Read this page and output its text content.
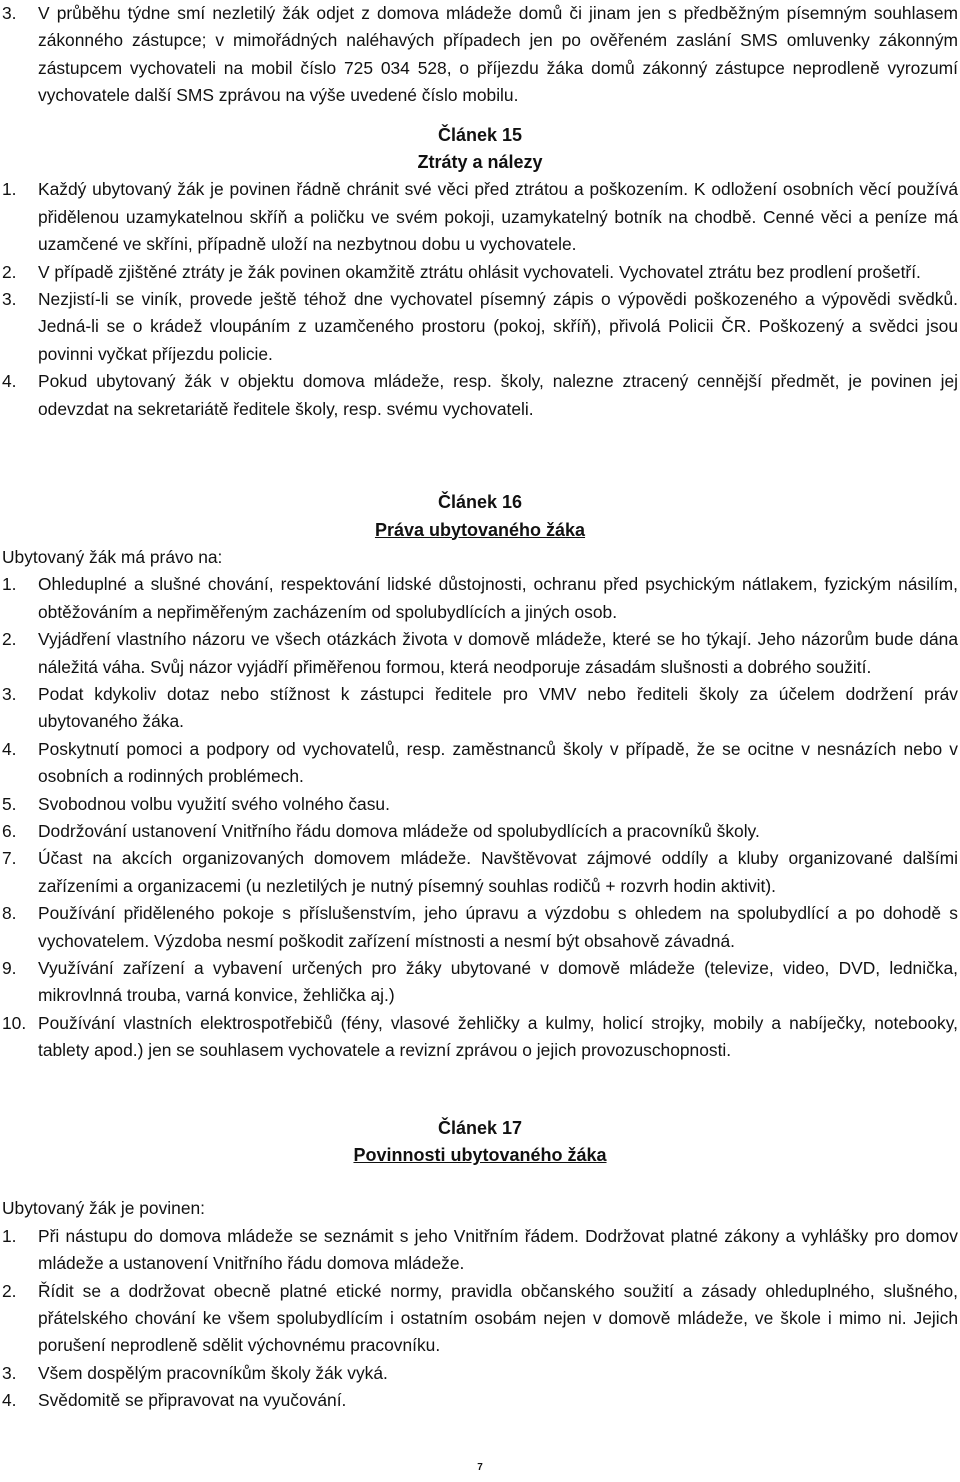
3.	V průběhu týdne smí nezletilý žák odjet z domova mládeže domů či jinam jen s předběžným písemným souhlasem zákonného zástupce; v mimořádných naléhavých případech jen po ověřeném zaslání SMS omluvenky zákonným zástupcem vychovateli na mobil číslo 725 034 528, o příjezdu žáka domů zákonný zástupce neprodleně vyrozumí vychovatele další SMS zprávou na výše uvedené číslo mobilu.
Článek 15
Ztráty a nálezy
1.	Každý ubytovaný žák je povinen řádně chránit své věci před ztrátou a poškozením. K odložení osobních věcí používá přidělenou uzamykatelnou skříň a poličku ve svém pokoji, uzamykatelný botník na chodbě. Cenné věci a peníze má uzamčené ve skříni, případně uloží na nezbytnou dobu u vychovatele.
2.	V případě zjištěné ztráty je žák povinen okamžitě ztrátu ohlásit vychovateli. Vychovatel ztrátu bez prodlení prošetří.
3.	Nezjistí-li se viník, provede ještě téhož dne vychovatel písemný zápis o výpovědi poškozeného a výpovědi svědků. Jedná-li se o krádež vloupáním z uzamčeného prostoru (pokoj, skříň), přivolá Policii ČR. Poškozený a svědci jsou povinni vyčkat příjezdu policie.
4.	Pokud ubytovaný žák v objektu domova mládeže, resp. školy, nalezne ztracený cennější předmět, je povinen jej odevzdat na sekretariátě ředitele školy, resp. svému vychovateli.
Článek 16
Práva ubytovaného žáka
Ubytovaný žák má právo na:
1.	Ohleduplné a slušné chování, respektování lidské důstojnosti, ochranu před psychickým nátlakem, fyzickým násilím, obtěžováním a nepřiměřeným zacházením od spolubydlících a jiných osob.
2.	Vyjádření vlastního názoru ve všech otázkách života v domově mládeže, které se ho týkají. Jeho názorům bude dána náležitá váha. Svůj názor vyjádří přiměřenou formou, která neodporuje zásadám slušnosti a dobrého soužití.
3.	Podat kdykoliv dotaz nebo stížnost k zástupci ředitele pro VMV nebo řediteli školy za účelem dodržení práv ubytovaného žáka.
4.	Poskytnutí pomoci a podpory od vychovatelů, resp. zaměstnanců školy v případě, že se ocitne v nesnázích nebo v osobních a rodinných problémech.
5.	Svobodnou volbu využití svého volného času.
6.	Dodržování ustanovení Vnitřního řádu domova mládeže od spolubydlících a pracovníků školy.
7.	Účast na akcích organizovaných domovem mládeže. Navštěvovat zájmové oddíly a kluby organizované dalšími zařízeními a organizacemi (u nezletilých je nutný písemný souhlas rodičů + rozvrh hodin aktivit).
8.	Používání přiděleného pokoje s příslušenstvím, jeho úpravu a výzdobu s ohledem na spolubydlící a po dohodě s vychovatelem. Výzdoba nesmí poškodit zařízení místnosti a nesmí být obsahově závadná.
9.	Využívání zařízení a vybavení určených pro žáky ubytované v domově mládeže (televize, video, DVD, lednička, mikrovlnná trouba, varná konvice, žehlička aj.)
10. Používání vlastních elektrospotřebičů (fény, vlasové žehličky a kulmy, holicí strojky, mobily a nabíječky, notebooky, tablety apod.) jen se souhlasem vychovatele a revizní zprávou o jejich provozuschopnosti.
Článek 17
Povinnosti ubytovaného žáka
Ubytovaný žák je povinen:
1.	Při nástupu do domova mládeže se seznámit s jeho Vnitřním řádem. Dodržovat platné zákony a vyhlášky pro domov mládeže a ustanovení Vnitřního řádu domova mládeže.
2.	Řídit se a dodržovat obecně platné etické normy, pravidla občanského soužití a zásady ohleduplného, slušného, přátelského chování ke všem spolubydlícím i ostatním osobám nejen v domově mládeže, ve škole i mimo ni. Jejich porušení neprodleně sdělit výchovnému pracovníku.
3.	Všem dospělým pracovníkům školy žák vyká.
4.	Svědomitě se připravovat na vyučování.
7
